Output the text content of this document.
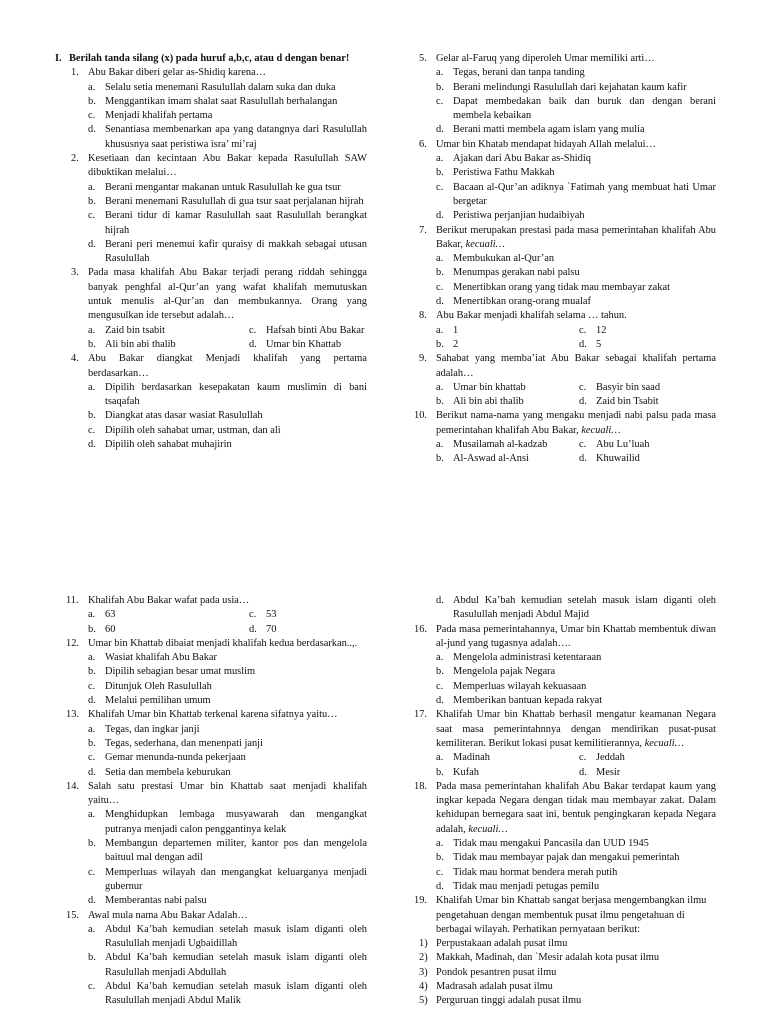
I. Berilah tanda silang (x) pada huruf a,b,c, atau d dengan benar!
1. Abu Bakar diberi gelar as-Shidiq karena…
a. Selalu setia menemani Rasulullah dalam suka dan duka
b. Menggantikan imam shalat saat Rasulullah berhalangan
c. Menjadi khalifah pertama
d. Senantiasa membenarkan apa yang datangnya dari Rasulullah khususnya saat peristiwa isra’ mi’raj
2. Kesetiaan dan kecintaan Abu Bakar kepada Rasulullah SAW dibuktikan melalui…
a. Berani mengantar makanan untuk Rasulullah ke gua tsur
b. Berani menemani Rasulullah di gua tsur saat perjalanan hijrah
c. Berani tidur di kamar Rasulullah saat Rasulullah berangkat hijrah
d. Berani peri menemui kafir quraisy di makkah sebagai utusan Rasulullah
3. Pada masa khalifah Abu Bakar terjadi perang riddah sehingga banyak penghfal al-Qur’an yang wafat khalifah memutuskan untuk menulis al-Qur’an dan membukannya. Orang yang mengusulkan ide tersebut adalah…
a. Zaid bin tsabit	c. Hafsah binti Abu Bakar
b. Ali bin abi thalib	d. Umar bin Khattab
4. Abu Bakar diangkat Menjadi khalifah yang pertama berdasarkan…
a. Dipilih berdasarkan kesepakatan kaum muslimin di bani tsaqafah
b. Diangkat atas dasar wasiat Rasulullah
c. Dipilih oleh sahabat umar, ustman, dan ali
d. Dipilih oleh sahabat muhajirin
5. Gelar al-Faruq yang diperoleh Umar memiliki arti…
a. Tegas, berani dan tanpa tanding
b. Berani melindungi Rasulullah dari kejahatan kaum kafir
c. Dapat membedakan baik dan buruk dan dengan berani membela kebaikan
d. Berani matti membela agam islam yang mulia
6. Umar bin Khatab mendapat hidayah Allah melalui…
a. Ajakan dari Abu Bakar as-Shidiq
b. Peristiwa Fathu Makkah
c. Bacaan al-Qur’an adiknya `Fatimah yang membuat hati Umar bergetar
d. Peristiwa perjanjian hudaibiyah
7. Berikut merupakan prestasi pada masa pemerintahan khalifah Abu Bakar, kecuali…
a. Membukukan al-Qur’an
b. Menumpas gerakan nabi palsu
c. Menertibkan orang yang tidak mau membayar zakat
d. Menertibkan orang-orang mualaf
8. Abu Bakar menjadi khalifah selama … tahun.
a. 1	c. 12
b. 2	d. 5
9. Sahabat yang memba’iat Abu Bakar sebagai khalifah pertama adalah…
a. Umar bin khattab	c. Basyir bin saad
b. Ali bin abi thalib	d. Zaid bin Tsabit
10. Berikut nama-nama yang mengaku menjadi nabi palsu pada masa pemerintahan khalifah Abu Bakar, kecuali…
a. Musailamah al-kadzab	c. Abu Lu’luah
b. Al-Aswad al-Ansi	d. Khuwailid
11. Khalifah Abu Bakar wafat pada usia…
a. 63	c. 53
b. 60	d. 70
12. Umar bin Khattab dibaiat menjadi khalifah kedua berdasarkan..,.
a. Wasiat khalifah Abu Bakar
b. Dipilih sebagian besar umat muslim
c. Ditunjuk Oleh Rasulullah
d. Melalui pemilihan umum
13. Khalifah Umar bin Khattab terkenal karena sifatnya yaitu…
a. Tegas, dan ingkar janji
b. Tegas, sederhana, dan menenpati janji
c. Gemar menunda-nunda pekerjaan
d. Setia dan membela keburukan
14. Salah satu prestasi Umar bin Khattab saat menjadi khalifah yaitu…
a. Menghidupkan lembaga musyawarah dan mengangkat putranya menjadi calon penggantinya kelak
b. Membangun departemen militer, kantor pos dan mengelola baituul mal dengan adil
c. Memperluas wilayah dan mengangkat keluarganya menjadi gubernur
d. Memberantas nabi palsu
15. Awal mula nama Abu Bakar Adalah…
a. Abdul Ka’bah kemudian setelah masuk islam diganti oleh Rasulullah menjadi Ugbaidillah
b. Abdul Ka’bah kemudian setelah masuk islam diganti oleh Rasulullah menjadi Abdullah
c. Abdul Ka’bah kemudian setelah masuk islam diganti oleh Rasulullah menjadi Abdul Malik
d. Abdul Ka’bah kemudian setelah masuk islam diganti oleh Rasulullah menjadi Abdul Majid
16. Pada masa pemerintahannya, Umar bin Khattab membentuk diwan al-jund yang tugasnya adalah….
a. Mengelola administrasi ketentaraan
b. Mengelola pajak Negara
c. Memperluas wilayah kekuasaan
d. Memberikan bantuan kepada rakyat
17. Khalifah Umar bin Khattab berhasil mengatur keamanan Negara saat masa pemerintahnnya dengan mendirikan pusat-pusat kemiliteran. Berikut lokasi pusat kemilitierannya, kecuali…
a. Madinah	c. Jeddah
b. Kufah	d. Mesir
18. Pada masa pemerintahan khalifah Abu Bakar terdapat kaum yang ingkar kepada Negara dengan tidak mau membayar zakat. Dalam kehidupan bernegara saat ini, bentuk pengingkaran kepada Negara adalah, kecuali…
a. Tidak mau mengakui Pancasila dan UUD 1945
b. Tidak mau membayar pajak dan mengakui pemerintah
c. Tidak mau hormat bendera merah putih
d. Tidak mau menjadi petugas pemilu
19. Khalifah Umar bin Khattab sangat berjasa mengembangkan ilmu pengetahuan dengan membentuk pusat ilmu pengetahuan di berbagai wilayah. Perhatikan pernyataan berikut:
1) Perpustakaan adalah pusat ilmu
2) Makkah, Madinah, dan `Mesir adalah kota pusat ilmu
3) Pondok pesantren pusat ilmu
4) Madrasah adalah pusat ilmu
5) Perguruan tinggi adalah pusat ilmu
